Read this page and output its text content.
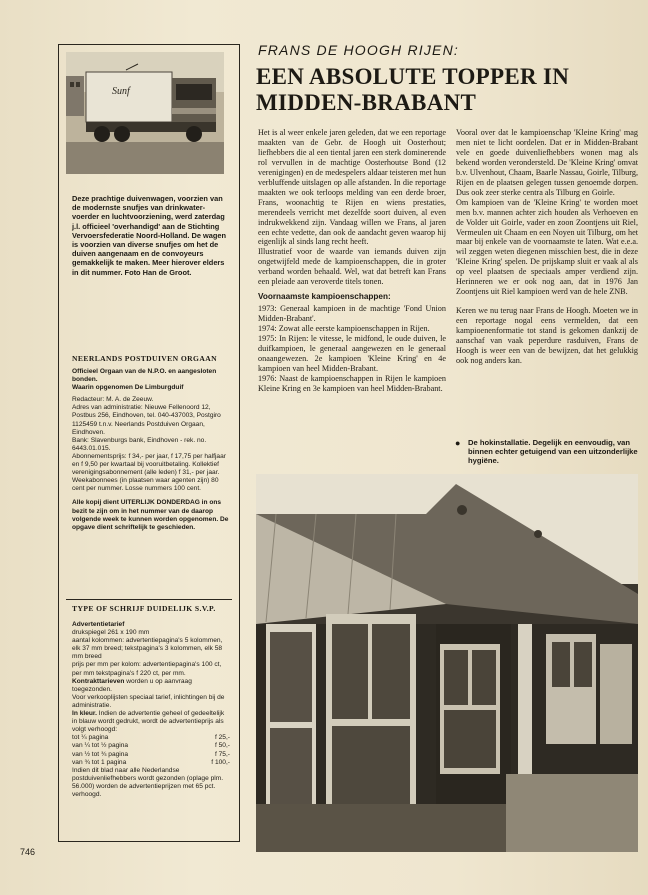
Sunf
Deze prachtige duivenwagen, voorzien van de modernste snufjes van drinkwater- voerder en luchtvoorziening, werd zaterdag j.l. officieel 'overhandigd' aan de Stichting Vervoersfederatie Noord-Holland. De wagen is voorzien van diverse snufjes om het de duiven aangenaam en de convoyeurs gemakkelijk te maken. Meer hierover elders in dit nummer. Foto Han de Groot.
NEERLANDS POSTDUIVEN ORGAAN

Officieel Orgaan van de N.P.O. en aangesloten bonden.

Waarin opgenomen De Limburgduif

Redacteur: M. A. de Zeeuw.

Adres van administratie: Nieuwe Fellenoord 12, Postbus 256, Eindhoven, tel. 040-437003, Postgiro 1125459 t.n.v. Neerlands Postduiven Orgaan, Eindhoven.

Bank: Slavenburgs bank, Eindhoven - rek. no. 6443.01.015.

Abonnementsprijs: f 34,- per jaar, f 17,75 per halfjaar en f 9,50 per kwartaal bij vooruitbetaling. Kollektief verenigingsabonnement (alle leden) f 31,- per jaar. Weekabonnees (in plaatsen waar agenten zijn) 80 cent per nummer. Losse nummers 100 cent.

Alle kopij dient UITERLIJK DONDERDAG in ons bezit te zijn om in het nummer van de daarop volgende week te kunnen worden opgenomen. De opgave dient schriftelijk te geschieden.

TYPE OF SCHRIJF DUIDELIJK S.V.P.

Advertentietarief

drukspiegel 261 x 190 mm
aantal kolommen: advertentiepagina's 5 kolommen, elk 37 mm breed; tekstpagina's 3 kolommen, elk 58 mm breed
prijs per mm per kolom: advertentiepagina's 100 ct, per mm tekstpagina's f 220 ct, per mm.

Kontrakttarieven worden u op aanvraag toegezonden.

Voor verkooplijsten speciaal tarief, inlichtingen bij de administratie.

In kleur. Indien de advertentie geheel of gedeeltelijk in blauw wordt gedrukt, wordt de advertentieprijs als volgt verhoogd:

tot ¼ pagina	f 25,-
van ¼ tot ½ pagina	f 50,-
van ½ tot ¾ pagina	f 75,-
van ¾ tot 1 pagina	f 100,-

Indien dit blad naar alle Nederlandse postduivenliefhebbers wordt gezonden (oplage plm. 56.000) worden de advertentieprijzen met 65 pct. verhoogd.

746
FRANS DE HOOGH RIJEN:
EEN ABSOLUTE TOPPER IN MIDDEN-BRABANT

Het is al weer enkele jaren geleden, dat we een reportage maakten van de Gebr. de Hoogh uit Oosterhout; liefhebbers die al een tiental jaren een sterk dominerende rol vervullen in de machtige Oosterhoutse Bond (12 verenigingen) en de medespelers aldaar teisteren met hun verbluffende uitslagen op alle afstanden. In die reportage maakten we ook terloops melding van een derde broer, Frans, woonachtig te Rijen en wiens prestaties, merendeels verricht met dezelfde soort duiven, al even indrukwekkend zijn. Vandaag willen we Frans, al jaren een echte vedette, dan ook de aandacht geven waarop hij eigenlijk al sinds lang recht heeft.

Illustratief voor de waarde van iemands duiven zijn ongetwijfeld mede de kampioenschappen, die in groter verband worden behaald. Wel, wat dat betreft kan Frans een pleiade aan veroverde titels tonen.

Voornaamste kampioenschappen:

1973: Generaal kampioen in de machtige 'Fond Union Midden-Brabant'.

1974: Zowat alle eerste kampioenschappen in Rijen.

1975: In Rijen: le vitesse, le midfond, le oude duiven, le duifkampioen, le generaal aangewezen en le generaal onaangewezen. 2e kampioen 'Kleine Kring' en 4e kampioen van heel Midden-Brabant.

1976: Naast de kampioenschappen in Rijen le kampioen Kleine Kring en 3e kampioen van heel Midden-Brabant.

Vooral over dat le kampioenschap 'Kleine Kring' mag men niet te licht oordelen. Dat er in Midden-Brabant vele en goede duivenliefhebbers wonen mag als bekend worden verondersteld. De 'Kleine Kring' omvat b.v. Ulvenhout, Chaam, Baarle Nassau, Goirle, Tilburg, Rijen en de plaatsen gelegen tussen genoemde dorpen. Dus ook zeer sterke centra als Tilburg en Goirle.

Om kampioen van de 'Kleine Kring' te worden moet men b.v. mannen achter zich houden als Verhoeven en de Volder uit Goirle, vader en zoon Zoontjens uit Riel, Vermeulen uit Chaam en een Noyen uit Tilburg, om het maar bij enkele van de voornaamste te laten. Wat e.e.a. wil zeggen weten diegenen misschien best, die in deze 'Kleine Kring' spelen. De prijskamp sluit er vaak al als op veel plaatsen de speciaals amper verdiend zijn. Herinneren we er ook nog aan, dat in 1976 Jan Zoontjens uit Riel kampioen werd van de hele ZNB.

Keren we nu terug naar Frans de Hoogh. Moeten we in een reportage nogal eens vermelden, dat een kampioenenformatie tot stand is gekomen dankzij de aanschaf van vaak peperdure rasduiven, Frans de Hoogh is weer een van de bewijzen, dat het gelukkig ook nog anders kan.

De hokinstallatie. Degelijk en eenvoudig, van binnen echter getuigend van een uitzonderlijke hygiëne.
●
